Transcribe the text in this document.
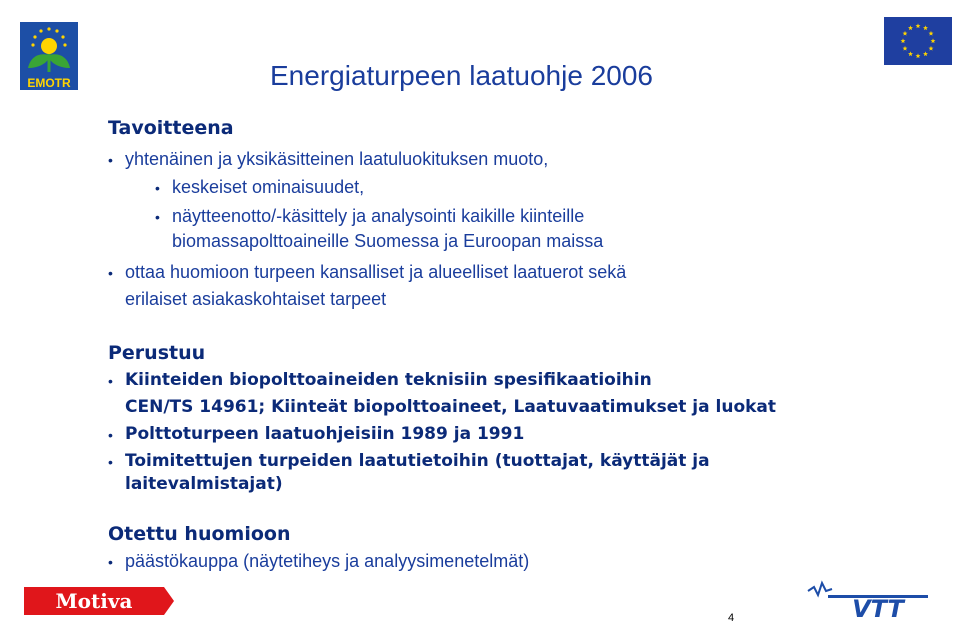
EMOTR	Energiaturpeen laatuohje 2006
Tavoitteena
• yhtenäinen ja yksikäsitteinen laatuluokituksen muoto,
• keskeiset ominaisuudet,
• näytteenotto/-käsittely ja analysointi kaikille kiinteille
biomassapolttoaineille Suomessa ja Euroopan maissa
• ottaa huomioon turpeen kansalliset ja alueelliset laatuerot sekä
erilaiset asiakaskohtaiset tarpeet
Perustuu
• Kiinteiden biopolttoaineiden teknisiin spesifikaatioihin
CEN/TS 14961; Kiinteät biopolttoaineet, Laatuvaatimukset ja luokat
• Polttoturpeen laatuohjeisiin 1989 ja 1991
• Toimitettujen turpeiden laatutietoihin (tuottajat, käyttäjät ja
laitevalmistajat)
Otettu huomioon
• päästökauppa (näytetiheys ja analyysimenetelmät)
Motiva
4	VTT
